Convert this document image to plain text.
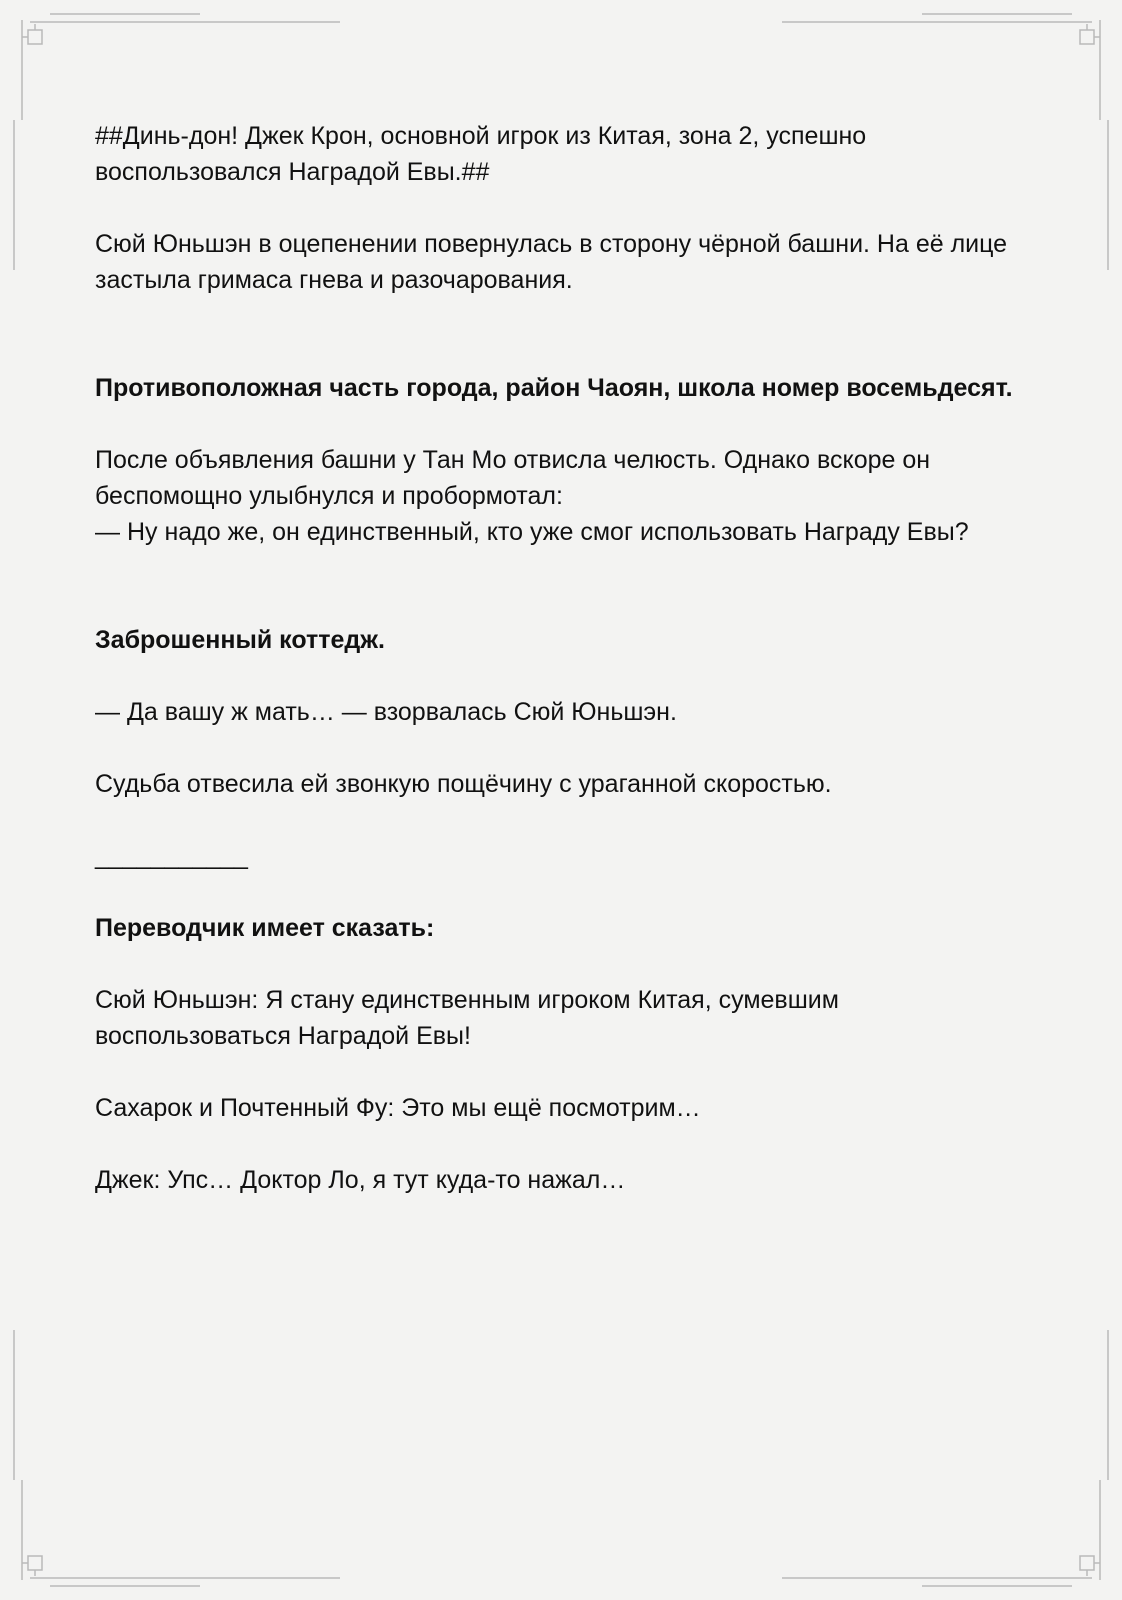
##Динь-дон! Джек Крон, основной игрок из Китая, зона 2, успешно воспользовался Наградой Евы.##

Сюй Юньшэн в оцепенении повернулась в сторону чёрной башни. На её лице застыла гримаса гнева и разочарования.

Противоположная часть города, район Чаоян, школа номер восемьдесят.

После объявления башни у Тан Мо отвисла челюсть. Однако вскоре он беспомощно улыбнулся и пробормотал:

— Ну надо же, он единственный, кто уже смог использовать Награду Евы?

Заброшенный коттедж.

— Да вашу ж мать… — взорвалась Сюй Юньшэн.

Судьба отвесила ей звонкую пощёчину с ураганной скоростью.

___________

Переводчик имеет сказать:

Сюй Юньшэн: Я стану единственным игроком Китая, сумевшим воспользоваться Наградой Евы!

Сахарок и Почтенный Фу: Это мы ещё посмотрим…

Джек: Упс… Доктор Ло, я тут куда-то нажал…
